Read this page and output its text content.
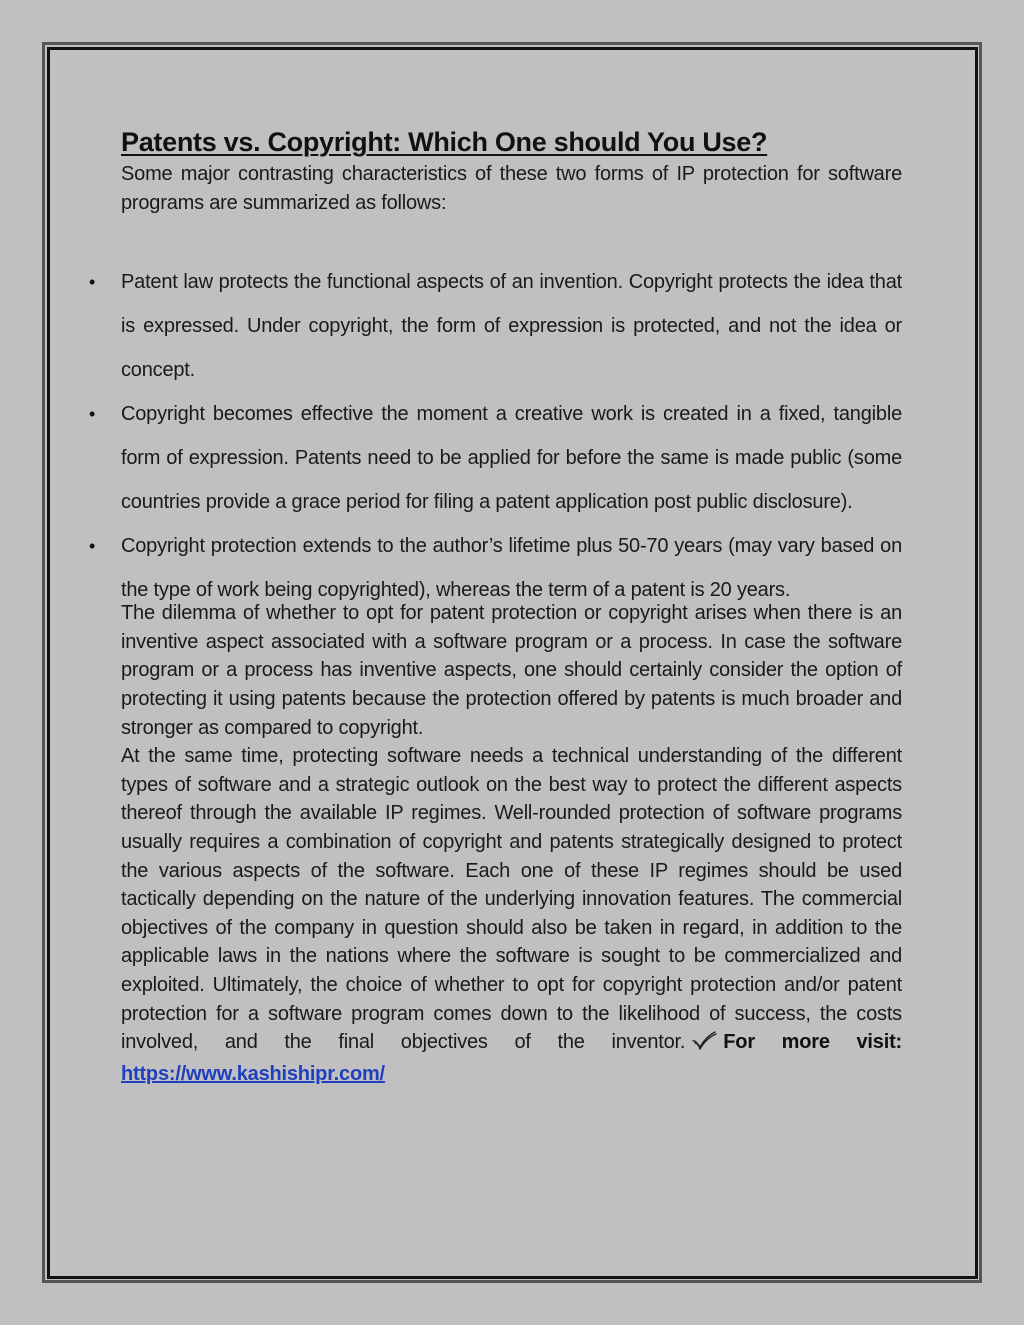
Patents vs. Copyright: Which One should You Use?

Some major contrasting characteristics of these two forms of IP protection for software programs are summarized as follows:

• Patent law protects the functional aspects of an invention. Copyright protects the idea that is expressed. Under copyright, the form of expression is protected, and not the idea or concept.
• Copyright becomes effective the moment a creative work is created in a fixed, tangible form of expression. Patents need to be applied for before the same is made public (some countries provide a grace period for filing a patent application post public disclosure).
• Copyright protection extends to the author’s lifetime plus 50-70 years (may vary based on the type of work being copyrighted), whereas the term of a patent is 20 years.

The dilemma of whether to opt for patent protection or copyright arises when there is an inventive aspect associated with a software program or a process. In case the software program or a process has inventive aspects, one should certainly consider the option of protecting it using patents because the protection offered by patents is much broader and stronger as compared to copyright.

At the same time, protecting software needs a technical understanding of the different types of software and a strategic outlook on the best way to protect the different aspects thereof through the available IP regimes. Well-rounded protection of software programs usually requires a combination of copyright and patents strategically designed to protect the various aspects of the software. Each one of these IP regimes should be used tactically depending on the nature of the underlying innovation features. The commercial objectives of the company in question should also be taken in regard, in addition to the applicable laws in the nations where the software is sought to be commercialized and exploited. Ultimately, the choice of whether to opt for copyright protection and/or patent protection for a software program comes down to the likelihood of success, the costs involved, and the final objectives of the inventor. For more visit: https://www.kashishipr.com/
